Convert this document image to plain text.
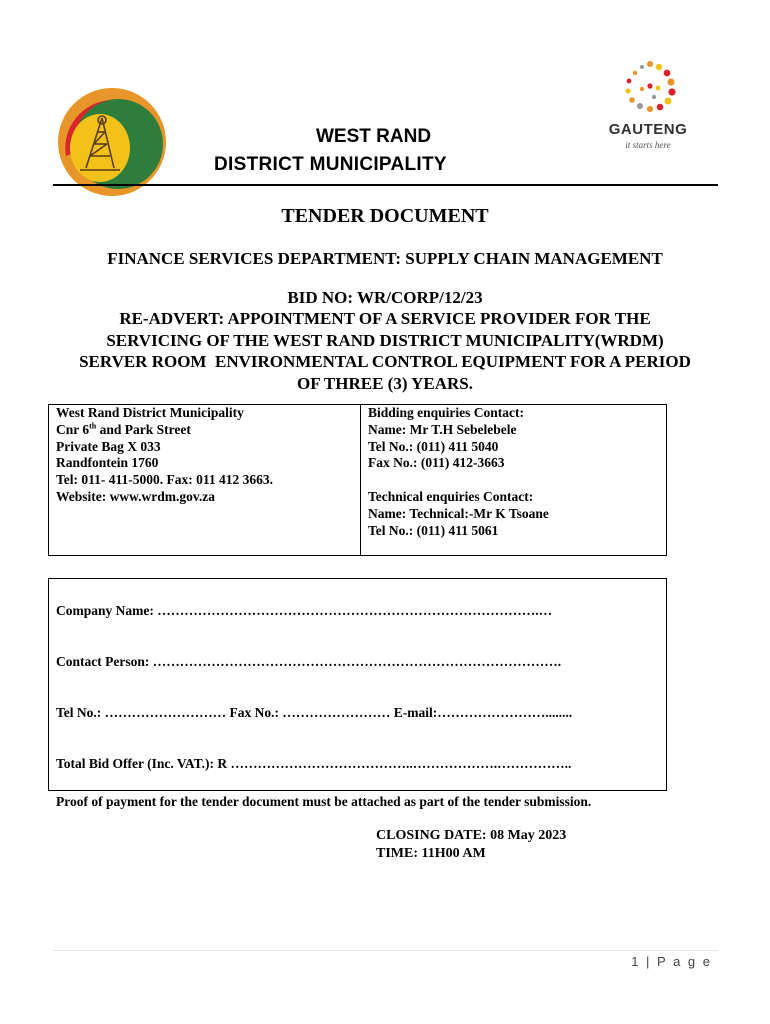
GAUTENG
it starts here
WEST RAND
DISTRICT MUNICIPALITY
TENDER DOCUMENT
FINANCE SERVICES DEPARTMENT: SUPPLY CHAIN MANAGEMENT
BID NO: WR/CORP/12/23
RE-ADVERT: APPOINTMENT OF A SERVICE PROVIDER FOR THE
SERVICING OF THE WEST RAND DISTRICT MUNICIPALITY(WRDM)
SERVER ROOM  ENVIRONMENTAL CONTROL EQUIPMENT FOR A PERIOD
OF THREE (3) YEARS.
West Rand District Municipality
Cnr 6th and Park Street
Private Bag X 033
Randfontein 1760
Tel: 011- 411-5000. Fax: 011 412 3663.
Website: www.wrdm.gov.za
Bidding enquiries Contact:
Name: Mr T.H Sebelebele
Tel No.: (011) 411 5040
Fax No.: (011) 412-3663
Technical enquiries Contact:
Name: Technical:-Mr K Tsoane
Tel No.: (011) 411 5061
Company Name: ………………………………………………………………………….…
Contact Person: ……………………………………………………………………………….
Tel No.: ……………………… Fax No.: …………………… E-mail:……………………........
Total Bid Offer (Inc. VAT.): R …………………………………..……………….……………..
Proof of payment for the tender document must be attached as part of the tender submission.
CLOSING DATE: 08 May 2023
TIME: 11H00 AM
1 | P a g e
